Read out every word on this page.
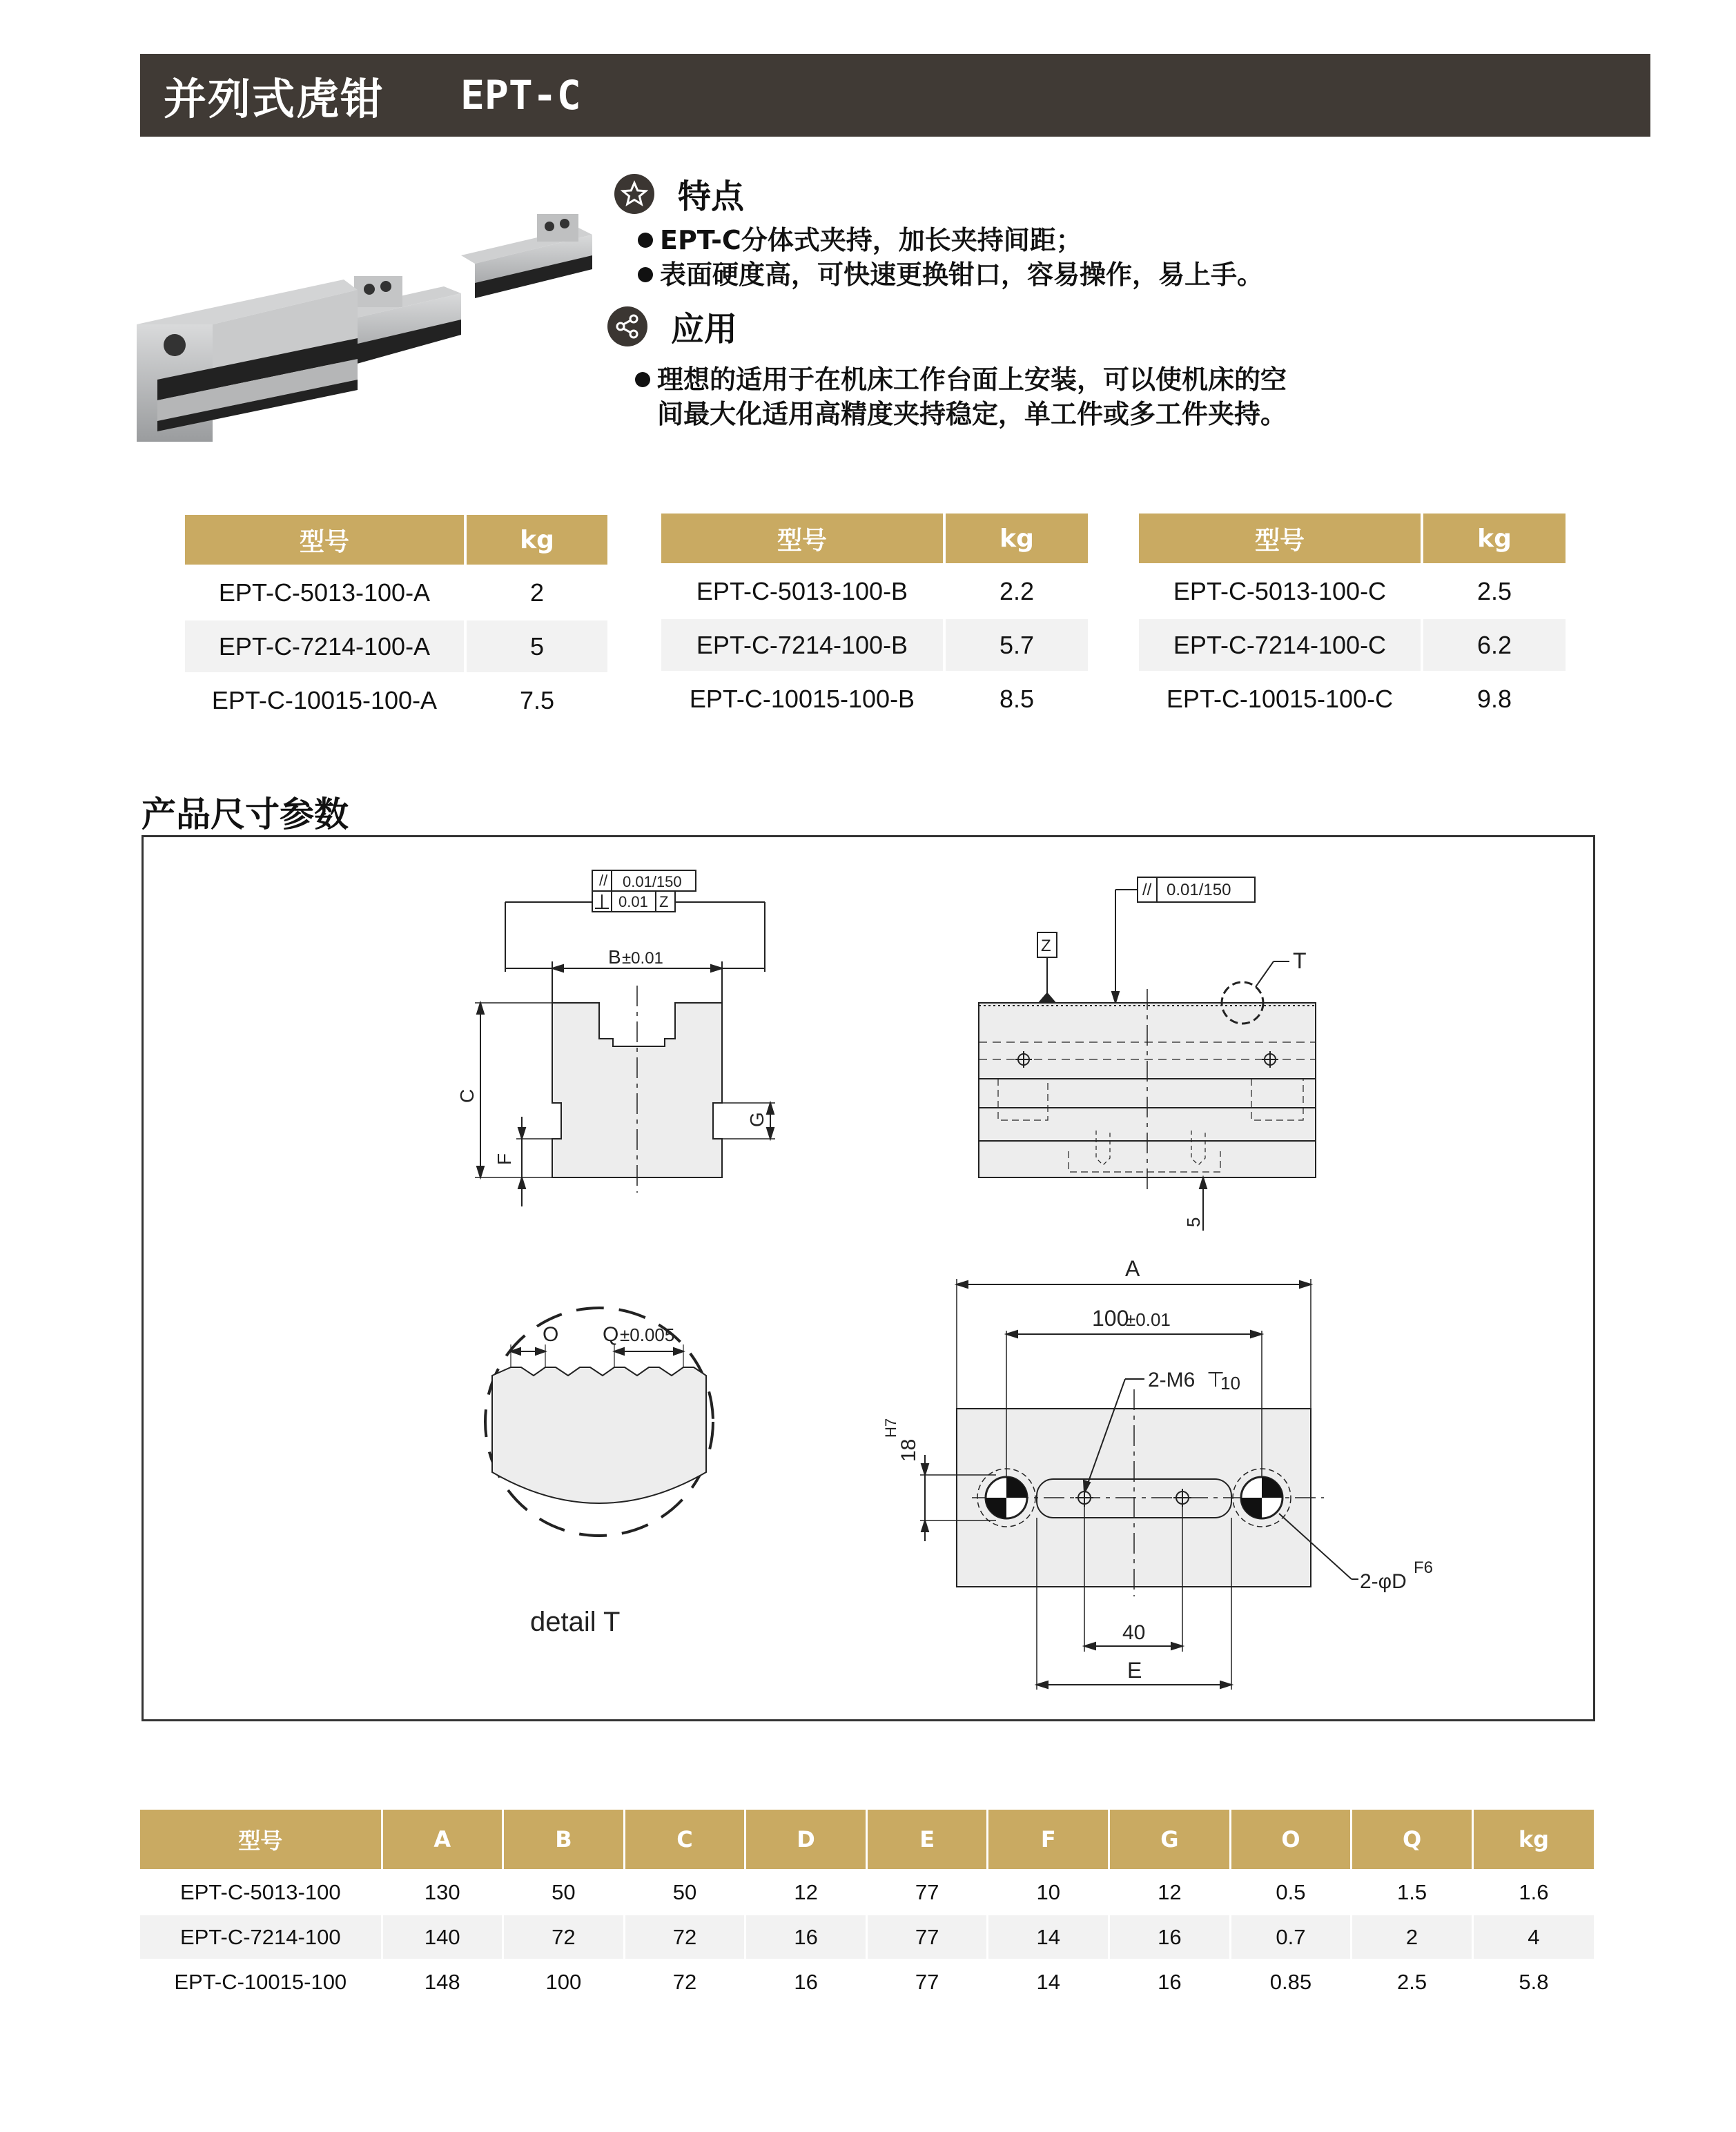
并列式虎钳 EPT-C
特点
EPT-C分体式夹持，加长夹持间距；
表面硬度高，可快速更换钳口，容易操作，易上手。
应用
理想的适用于在机床工作台面上安装，可以使机床的空
间最大化适用高精度夹持稳定，单工件或多工件夹持。
型号	kg
EPT-C-5013-100-A	2
EPT-C-7214-100-A	5
EPT-C-10015-100-A	7.5
型号	kg
EPT-C-5013-100-B	2.2
EPT-C-7214-100-B	5.7
EPT-C-10015-100-B	8.5
型号	kg
EPT-C-5013-100-C	2.5
EPT-C-7214-100-C	6.2
EPT-C-10015-100-C	9.8
产品尺寸参数
// 0.01/150
0.01 Z
B ±0.01
C
F
G
// 0.01/150
Z
T
5
O Q ±0.005
detail T
A
100
±0.01
2-M6 ⊤
10
2-φD
F6
18
H7
40
E
型号	A	B	C	D	E	F	G	O	Q	kg
EPT-C-5013-100	130	50	50	12	77	10	12	0.5	1.5	1.6
EPT-C-7214-100	140	72	72	16	77	14	16	0.7	2	4
EPT-C-10015-100	148	100	72	16	77	14	16	0.85	2.5	5.8
